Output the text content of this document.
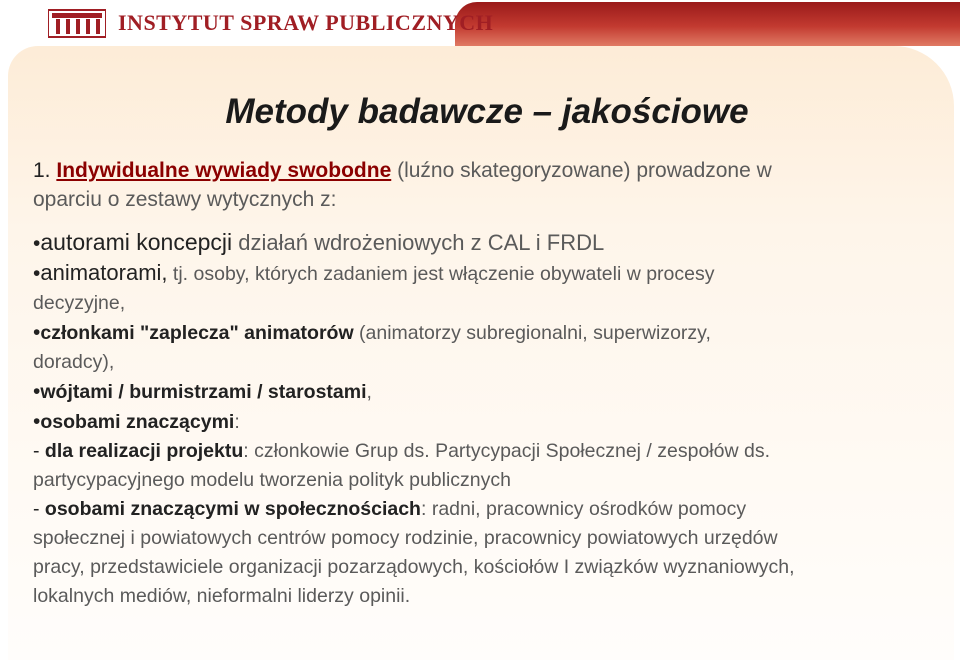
INSTYTUT SPRAW PUBLICZNYCH
Metody badawcze – jakościowe

1. Indywidualne wywiady swobodne (luźno skategoryzowane) prowadzone w

oparciu o zestawy wytycznych z:

•autorami koncepcji działań wdrożeniowych z CAL i FRDL

•animatorami, tj. osoby, których zadaniem jest włączenie obywateli w procesy

decyzyjne,

•członkami "zaplecza" animatorów (animatorzy subregionalni, superwizorzy,

doradcy),

•wójtami / burmistrzami / starostami,

•osobami znaczącymi:

- dla realizacji projektu: członkowie Grup ds. Partycypacji Społecznej / zespołów ds.

partycypacyjnego modelu tworzenia polityk publicznych

- osobami znaczącymi w społecznościach: radni, pracownicy ośrodków pomocy

społecznej i powiatowych centrów pomocy rodzinie, pracownicy powiatowych urzędów

pracy, przedstawiciele organizacji pozarządowych, kościołów I związków wyznaniowych,

lokalnych mediów, nieformalni liderzy opinii.
